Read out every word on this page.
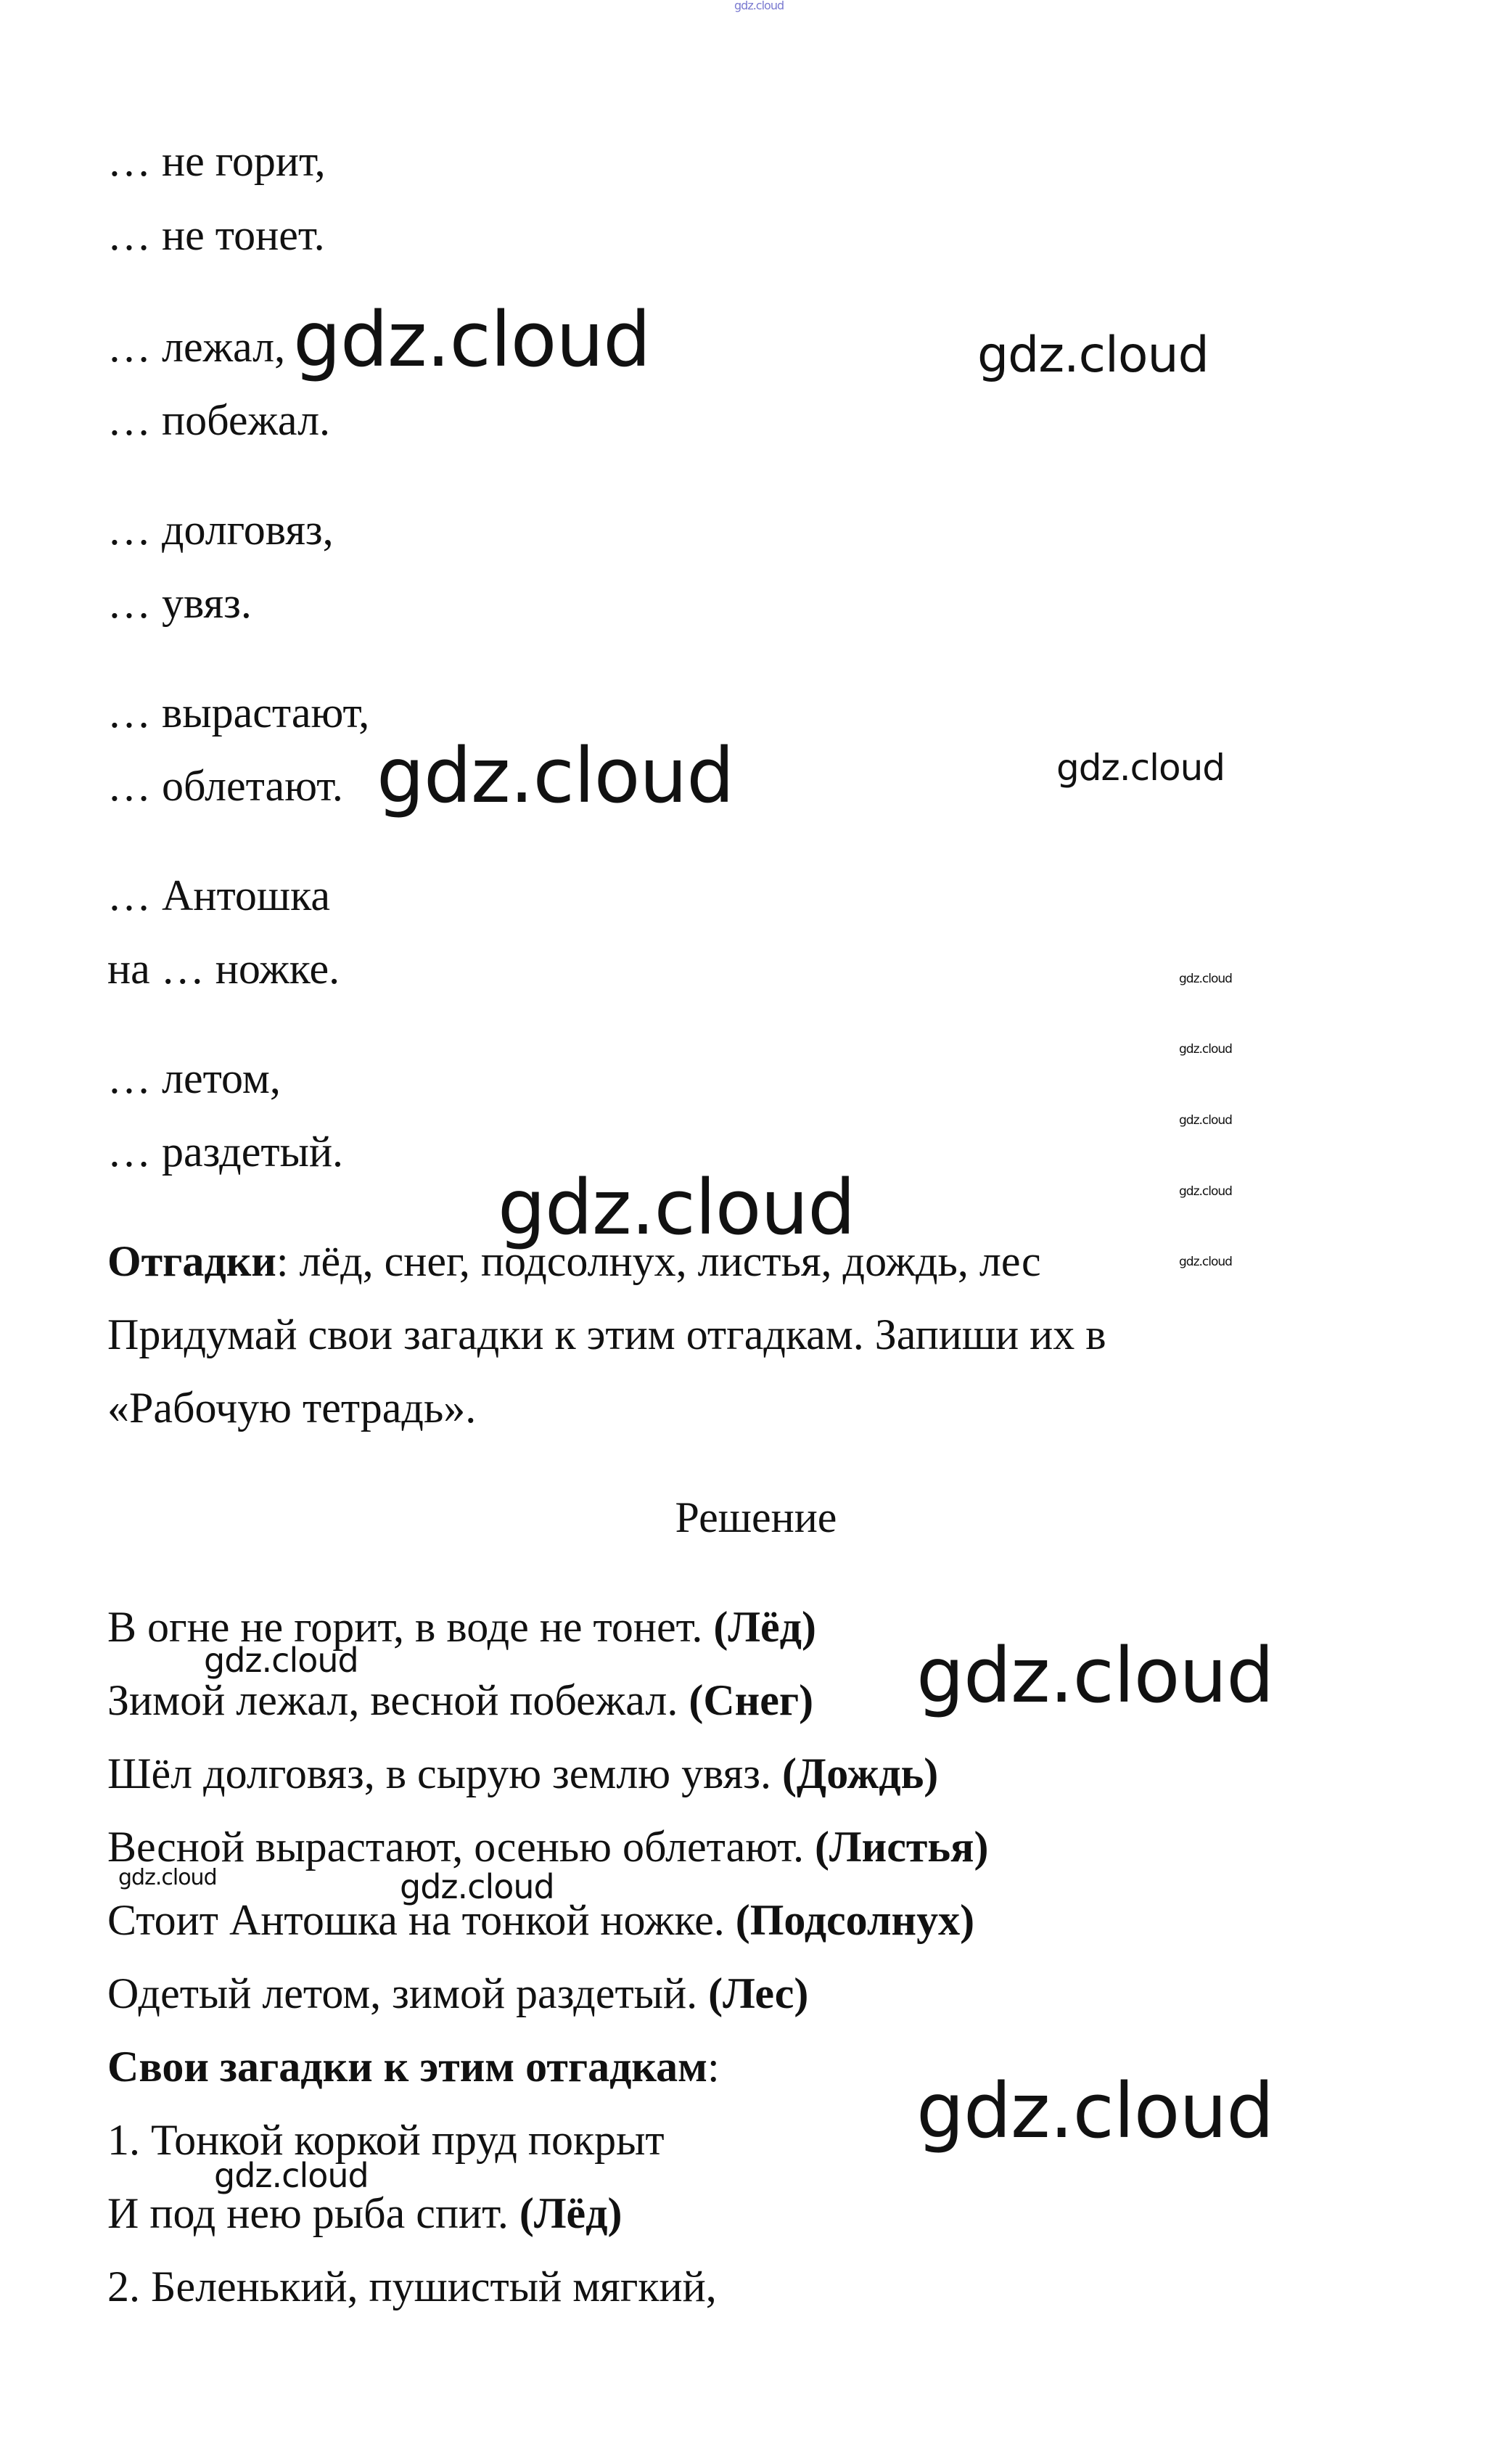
… не горит,
… не тонет.
… лежал,
… побежал.
… долговяз,
… увяз.
… вырастают,
… облетают.
… Антошка
на … ножке.
… летом,
… раздетый.
Отгадки: лёд, снег, подсолнух, листья, дождь, лес
Придумай свои загадки к этим отгадкам. Запиши их в
«Рабочую тетрадь».
Решение
В огне не горит, в воде не тонет. (Лёд)
Зимой лежал, весной побежал. (Снег)
Шёл долговяз, в сырую землю увяз. (Дождь)
Весной вырастают, осенью облетают. (Листья)
Стоит Антошка на тонкой ножке. (Подсолнух)
Одетый летом, зимой раздетый. (Лес)
Свои загадки к этим отгадкам:
1. Тонкой коркой пруд покрыт
И под нею рыба спит. (Лёд)
2. Беленький, пушистый мягкий,
gdz.cloud
gdz.cloud	gdz.cloud
gdz.cloud	gdz.cloud
gdz.cloud
gdz.cloud
gdz.cloud
gdz.cloud
gdz.cloud
gdz.cloud
gdz.cloud	gdz.cloud
gdz.cloud	gdz.cloud
gdz.cloud
gdz.cloud
